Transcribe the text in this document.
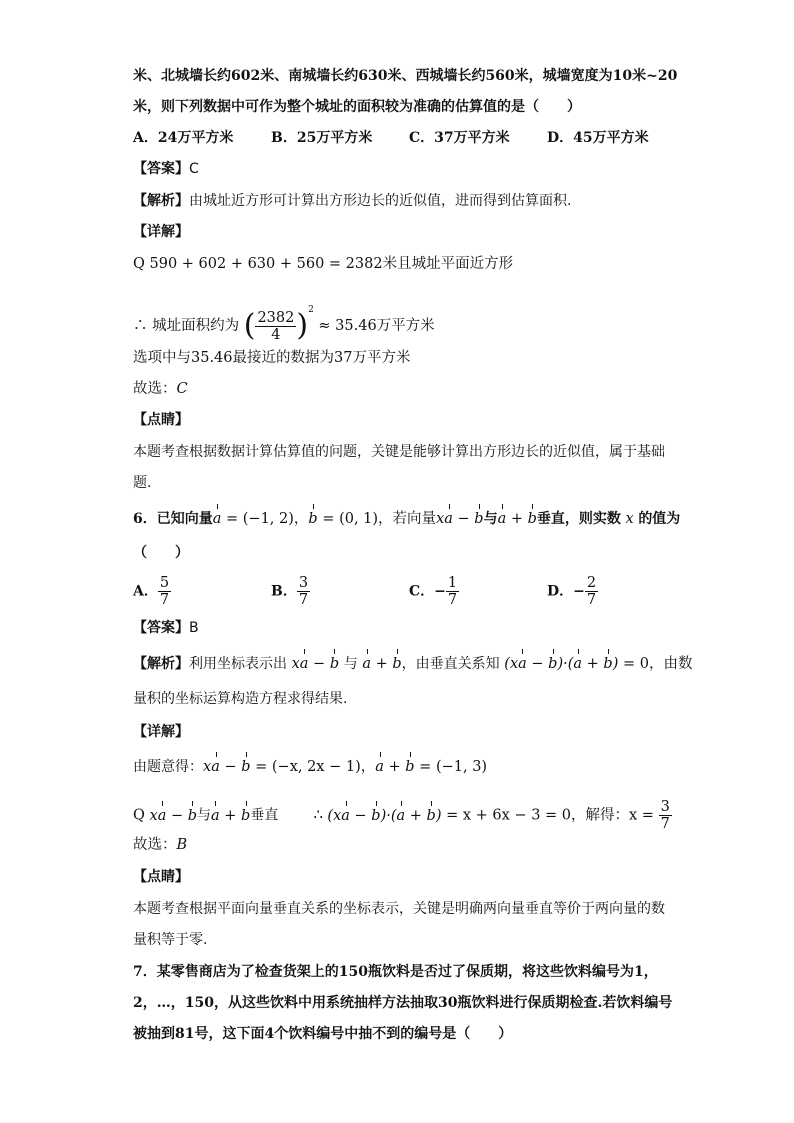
米、北城墙长约602米、南城墙长约630米、西城墙长约560米，城墙宽度为10米~20
米，则下列数据中可作为整个城址的面积较为准确的估算值的是（　　）
A．24万平方米	B．25万平方米	C．37万平方米	D．45万平方米
【答案】C
【解析】由城址近方形可计算出方形边长的近似值，进而得到估算面积.
【详解】
Q 590 + 602 + 630 + 560 = 2382米且城址平面近方形
∴ 城址面积约为 ( $\frac{2382}{4} )^2 \approx 35.46$万平方米
选项中与35.46最接近的数据为37万平方米
故选：C
【点睛】
本题考查根据数据计算估算值的问题，关键是能够计算出方形边长的近似值，属于基础
题.
6．已知向量a = (−1, 2)，b = (0, 1)，若向量xa − b与a + b垂直，则实数 x 的值为
（　　）
A． $\frac{5}{7}$	B． $\frac{3}{7}$	C．− $\frac{1}{7}$	D．− $\frac{2}{7}$
【答案】B
【解析】利用坐标表示出 xa − b 与 a + b，由垂直关系知 (xa − b)·(a + b) = 0，由数
量积的坐标运算构造方程求得结果.
【详解】
由题意得：xa − b = (−x, 2x − 1)，a + b = (−1, 3)
Q xa − b与a + b垂直 ∴ (xa − b)·(a + b) = x + 6x − 3 = 0，解得：$x = \frac{3}{7}$
故选：B
【点睛】
本题考查根据平面向量垂直关系的坐标表示，关键是明确两向量垂直等价于两向量的数
量积等于零.
7．某零售商店为了检查货架上的150瓶饮料是否过了保质期，将这些饮料编号为1，
2，…，150，从这些饮料中用系统抽样方法抽取30瓶饮料进行保质期检查.若饮料编号
被抽到81号，这下面4个饮料编号中抽不到的编号是（　　）
